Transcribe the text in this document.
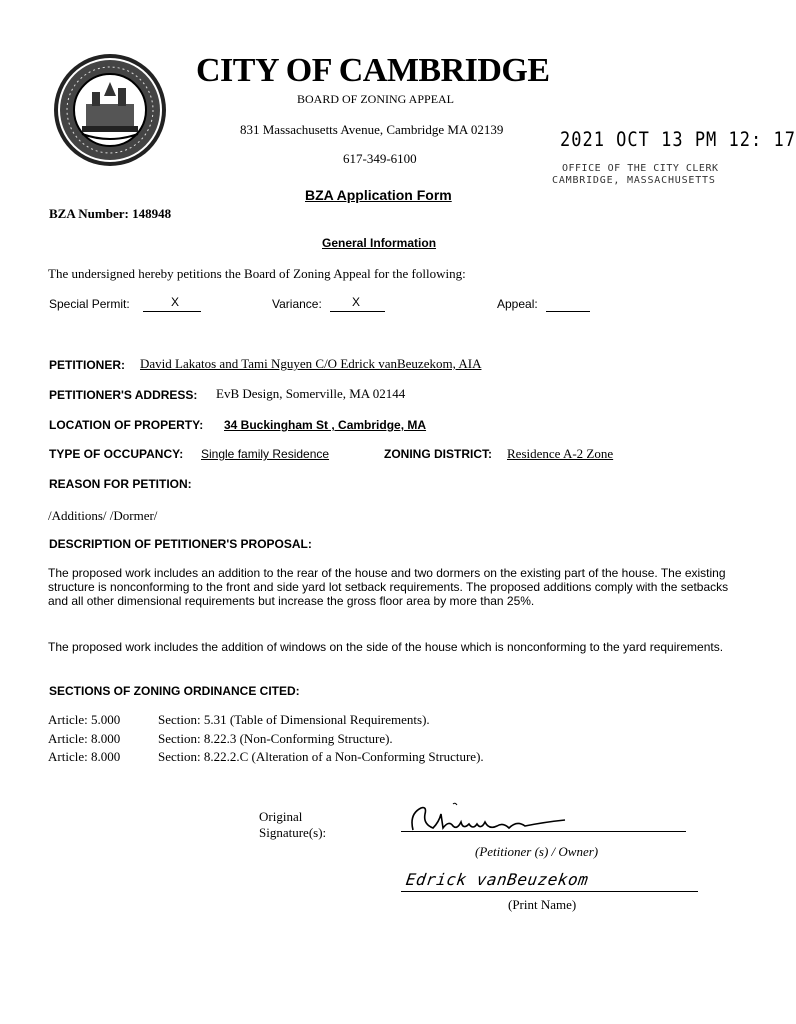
CITY OF CAMBRIDGE
BOARD OF ZONING APPEAL
831 Massachusetts Avenue, Cambridge MA 02139
617-349-6100
2021 OCT 13 PM 12: 17
OFFICE OF THE CITY CLERK
CAMBRIDGE, MASSACHUSETTS
BZA Application Form
BZA Number: 148948
General Information
The undersigned hereby petitions the Board of Zoning Appeal for the following:
Special Permit:	X	Variance:	X	Appeal:
PETITIONER: David Lakatos and Tami Nguyen C/O Edrick vanBeuzekom, AIA
PETITIONER'S ADDRESS: EvB Design, Somerville, MA 02144
LOCATION OF PROPERTY: 34 Buckingham St , Cambridge, MA
TYPE OF OCCUPANCY: Single family Residence	ZONING DISTRICT: Residence A-2 Zone
REASON FOR PETITION:
/Additions/ /Dormer/
DESCRIPTION OF PETITIONER'S PROPOSAL:
The proposed work includes an addition to the rear of the house and two dormers on the existing part of the house. The existing structure is nonconforming to the front and side yard lot setback requirements. The proposed additions comply with the setbacks and all other dimensional requirements but increase the gross floor area by more than 25%.
The proposed work includes the addition of windows on the side of the house which is nonconforming to the yard requirements.
SECTIONS OF ZONING ORDINANCE CITED:
Article: 5.000	Section: 5.31 (Table of Dimensional Requirements).
Article: 8.000	Section: 8.22.3 (Non-Conforming Structure).
Article: 8.000	Section: 8.22.2.C (Alteration of a Non-Conforming Structure).
Original
Signature(s):
(Petitioner (s) / Owner)
Edrick vanBeuzekom
(Print Name)
